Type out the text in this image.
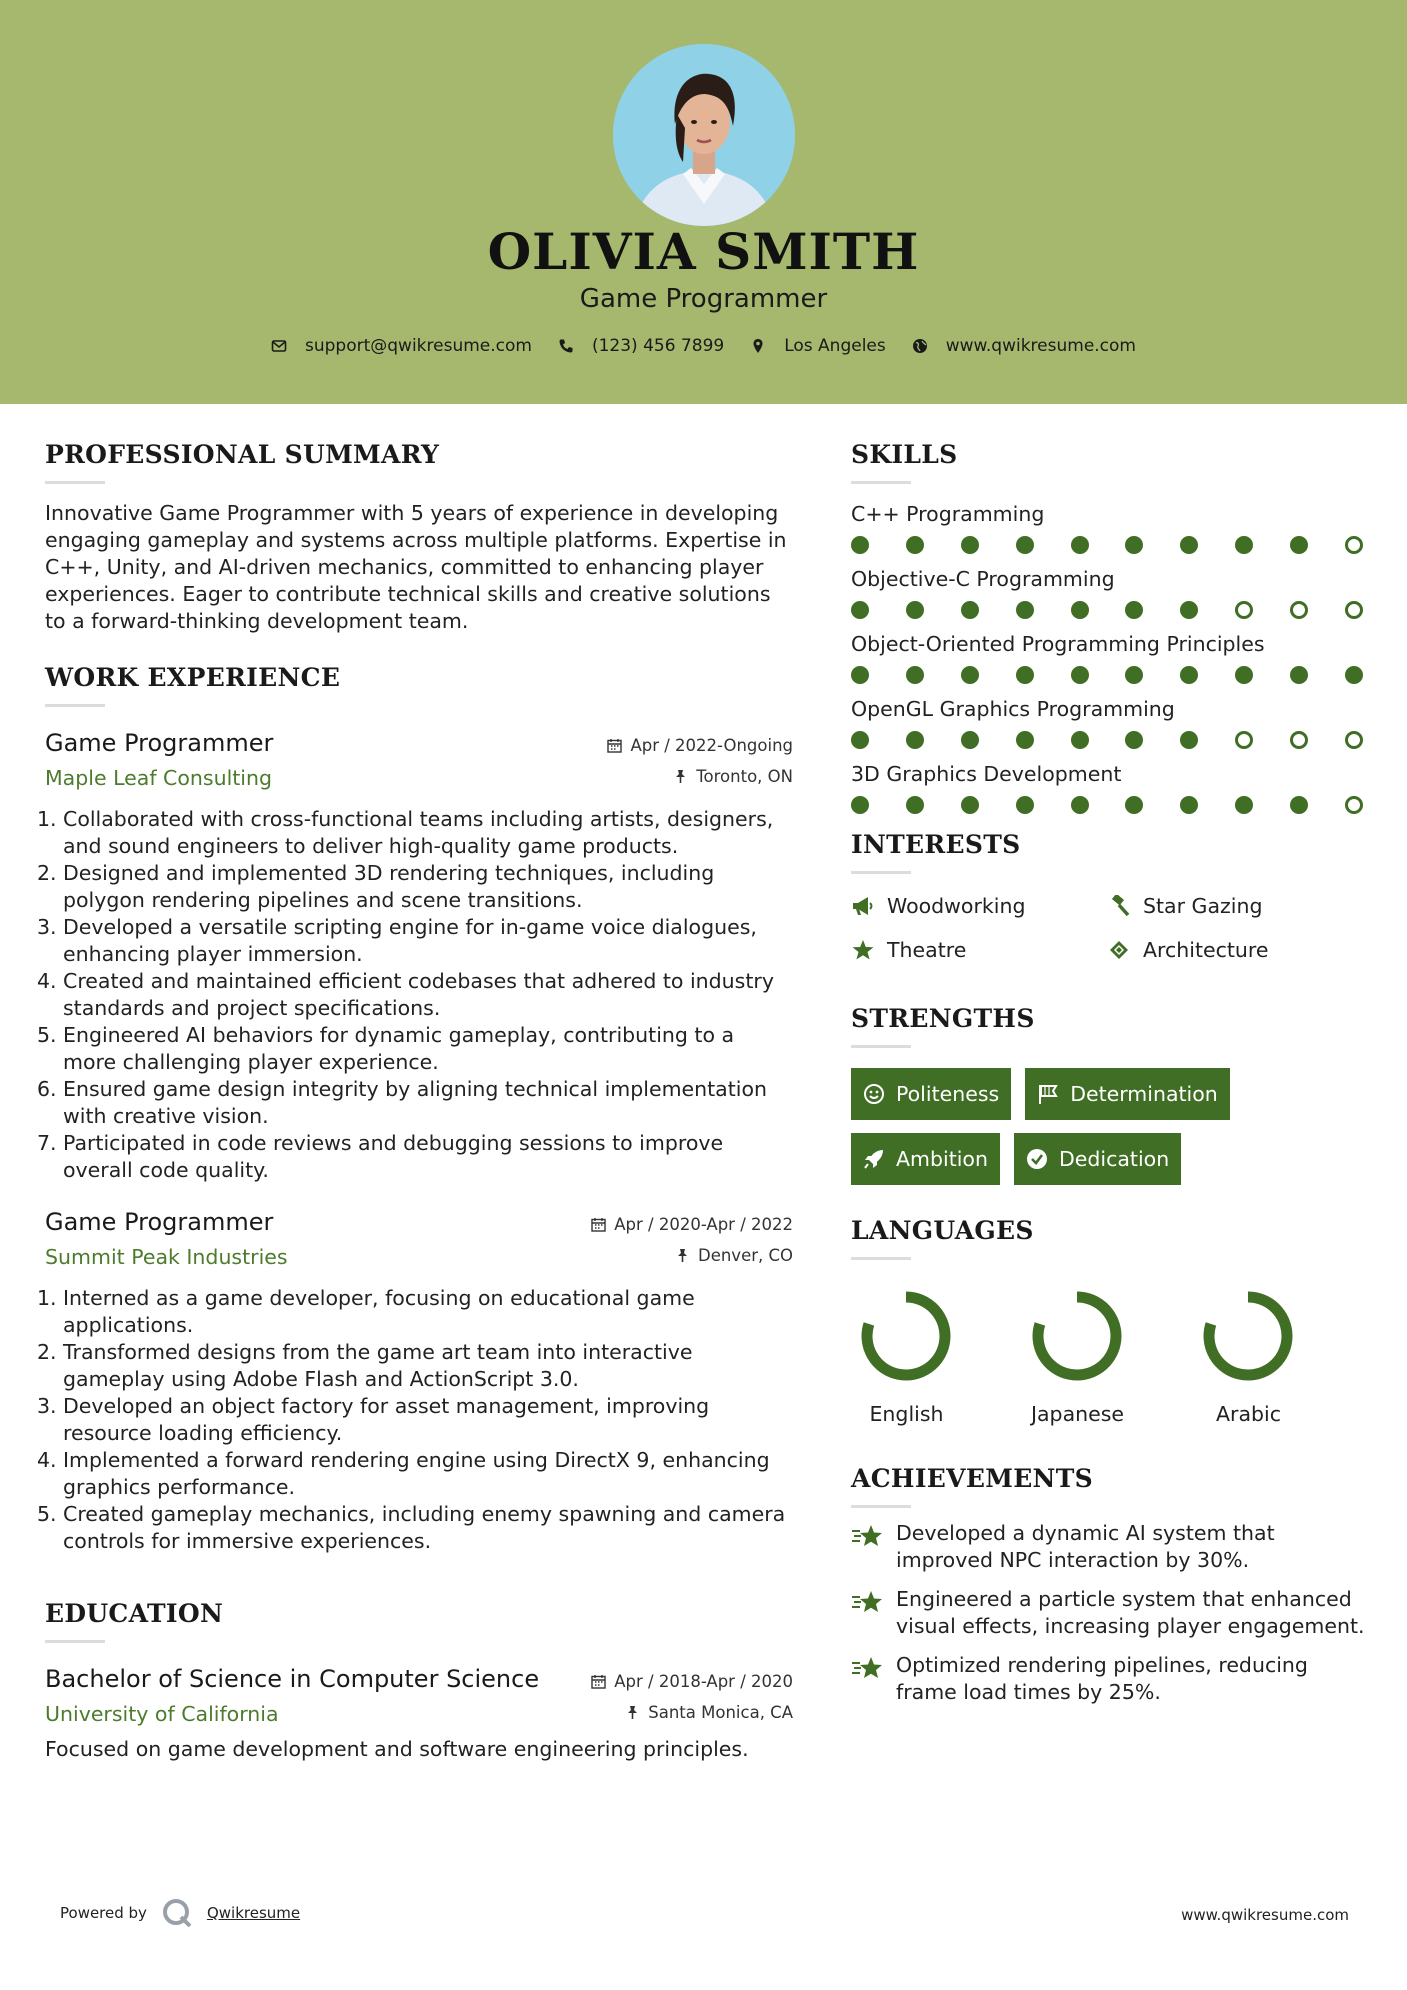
OLIVIA SMITH
Game Programmer
support@qwikresume.com	(123) 456 7899	Los Angeles	www.qwikresume.com
PROFESSIONAL SUMMARY

Innovative Game Programmer with 5 years of experience in developing engaging gameplay and systems across multiple platforms. Expertise in C++, Unity, and AI-driven mechanics, committed to enhancing player experiences. Eager to contribute technical skills and creative solutions to a forward-thinking development team.

WORK EXPERIENCE
Game Programmer
Maple Leaf Consulting
Apr / 2022-Ongoing
Toronto, ON
1. Collaborated with cross-functional teams including artists, designers, and sound engineers to deliver high-quality game products.
2. Designed and implemented 3D rendering techniques, including polygon rendering pipelines and scene transitions.
3. Developed a versatile scripting engine for in-game voice dialogues, enhancing player immersion.
4. Created and maintained efficient codebases that adhered to industry standards and project specifications.
5. Engineered AI behaviors for dynamic gameplay, contributing to a more challenging player experience.
6. Ensured game design integrity by aligning technical implementation with creative vision.
7. Participated in code reviews and debugging sessions to improve overall code quality.
Game Programmer
Summit Peak Industries
Apr / 2020-Apr / 2022
Denver, CO
1. Interned as a game developer, focusing on educational game applications.
2. Transformed designs from the game art team into interactive gameplay using Adobe Flash and ActionScript 3.0.
3. Developed an object factory for asset management, improving resource loading efficiency.
4. Implemented a forward rendering engine using DirectX 9, enhancing graphics performance.
5. Created gameplay mechanics, including enemy spawning and camera controls for immersive experiences.
EDUCATION
Bachelor of Science in Computer Science
University of California
Apr / 2018-Apr / 2020
Santa Monica, CA

Focused on game development and software engineering principles.

SKILLS
C++ Programming
Objective-C Programming
Object-Oriented Programming Principles
OpenGL Graphics Programming
3D Graphics Development
INTERESTS
Woodworking	Star Gazing
Theatre	Architecture
STRENGTHS
Politeness	Determination
Ambition	Dedication
LANGUAGES
English	Japanese	Arabic
ACHIEVEMENTS
Developed a dynamic AI system that improved NPC interaction by 30%.
Engineered a particle system that enhanced visual effects, increasing player engagement.
Optimized rendering pipelines, reducing frame load times by 25%.
Powered by	Qwikresume	www.qwikresume.com
